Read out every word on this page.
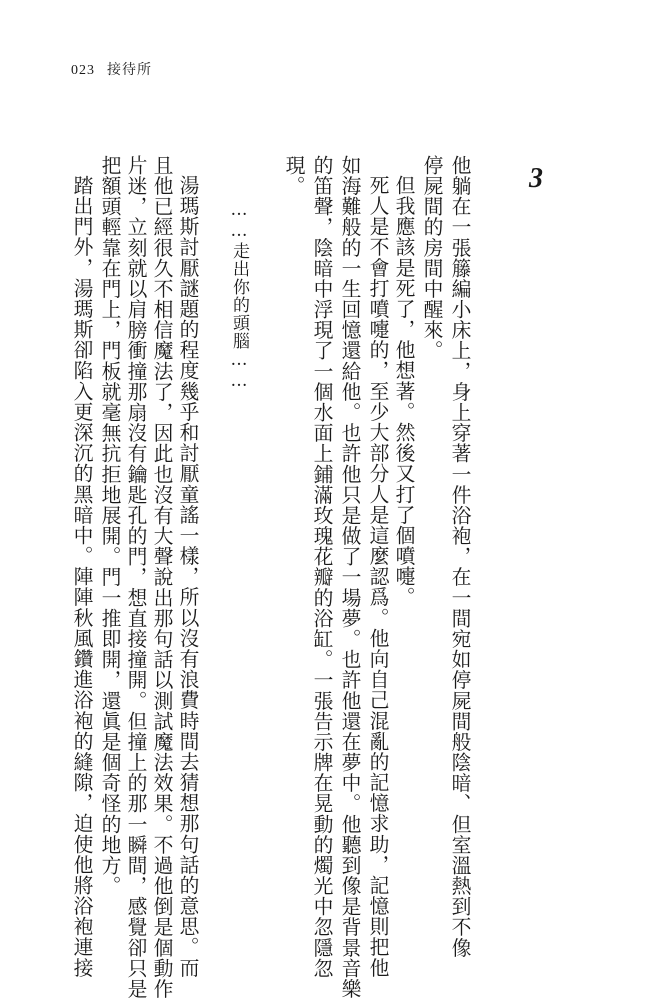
023 接待所
3
他躺在一張籐編小床上，身上穿著一件浴袍，在一間宛如停屍間般陰暗、但室溫熱到不像
停屍間的房間中醒來。
但我應該是死了，他想著。然後又打了個噴嚏。
死人是不會打噴嚏的，至少大部分人是這麼認爲。他向自己混亂的記憶求助，記憶則把他
如海難般的一生回憶還給他。也許他只是做了一場夢。也許他還在夢中。他聽到像是背景音樂
的笛聲，陰暗中浮現了一個水面上鋪滿玫瑰花瓣的浴缸。一張告示牌在晃動的燭光中忽隱忽
現。
……走出你的頭腦……
湯瑪斯討厭謎題的程度幾乎和討厭童謠一樣，所以沒有浪費時間去猜想那句話的意思。而
且他已經很久不相信魔法了，因此也沒有大聲說出那句話以測試魔法效果。不過他倒是個動作
片迷，立刻就以肩膀衝撞那扇沒有鑰匙孔的門，想直接撞開。但撞上的那一瞬間，感覺卻只是
把額頭輕靠在門上，門板就毫無抗拒地展開。門一推即開，還眞是個奇怪的地方。
踏出門外，湯瑪斯卻陷入更深沉的黑暗中。陣陣秋風鑽進浴袍的縫隙，迫使他將浴袍連接
